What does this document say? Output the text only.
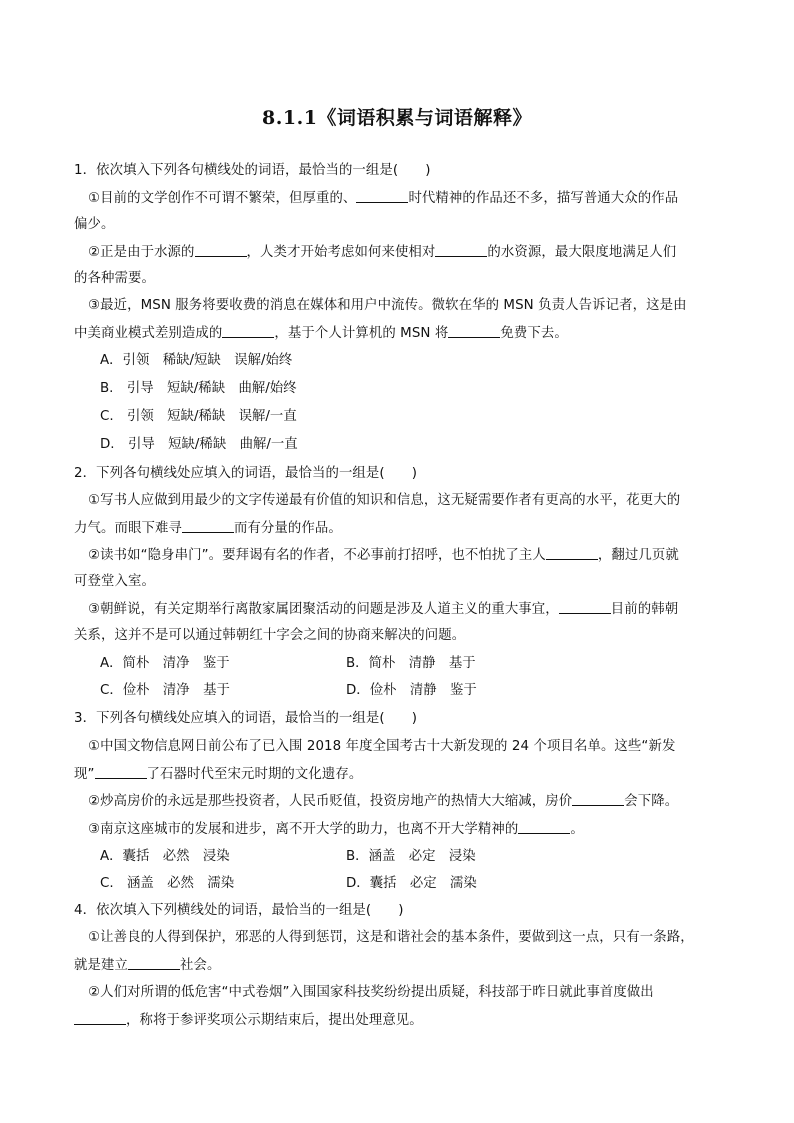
8.1.1《词语积累与词语解释》
1．依次填入下列各句横线处的词语，最恰当的一组是(　　)
①目前的文学创作不可谓不繁荣，但厚重的、	时代精神的作品还不多，描写普通大众的作品
偏少。
②正是由于水源的	，人类才开始考虑如何来使相对	的水资源，最大限度地满足人们
的各种需要。
③最近，MSN 服务将要收费的消息在媒体和用户中流传。微软在华的 MSN 负责人告诉记者，这是由
中美商业模式差别造成的	，基于个人计算机的 MSN 将	免费下去。
A．引领　稀缺/短缺　误解/始终
B.　引导　短缺/稀缺　曲解/始终
C.　引领　短缺/稀缺　误解/一直
D.　引导　短缺/稀缺　曲解/一直
2．下列各句横线处应填入的词语，最恰当的一组是(　　)
①写书人应做到用最少的文字传递最有价值的知识和信息，这无疑需要作者有更高的水平，花更大的
力气。而眼下难寻	而有分量的作品。
②读书如“隐身串门”。要拜谒有名的作者，不必事前打招呼，也不怕扰了主人	，翻过几页就
可登堂入室。
③朝鲜说，有关定期举行离散家属团聚活动的问题是涉及人道主义的重大事宜，	目前的韩朝
关系，这并不是可以通过韩朝红十字会之间的协商来解决的问题。
A．简朴　清净　鉴于	B．简朴　清静　基于
C．俭朴　清净　基于	D．俭朴　清静　鉴于
3．下列各句横线处应填入的词语，最恰当的一组是(　　)
①中国文物信息网日前公布了已入围 2018 年度全国考古十大新发现的 24 个项目名单。这些“新发
现”	了石器时代至宋元时期的文化遗存。
②炒高房价的永远是那些投资者，人民币贬值，投资房地产的热情大大缩减，房价	会下降。
③南京这座城市的发展和进步，离不开大学的助力，也离不开大学精神的	。
A．囊括　必然　浸染	B．涵盖　必定　浸染
C.　涵盖　必然　濡染	D．囊括　必定　濡染
4．依次填入下列横线处的词语，最恰当的一组是(　　)
①让善良的人得到保护，邪恶的人得到惩罚，这是和谐社会的基本条件，要做到这一点，只有一条路，
就是建立	社会。
②人们对所谓的低危害“中式卷烟”入围国家科技奖纷纷提出质疑，科技部于昨日就此事首度做出
，称将于参评奖项公示期结束后，提出处理意见。
